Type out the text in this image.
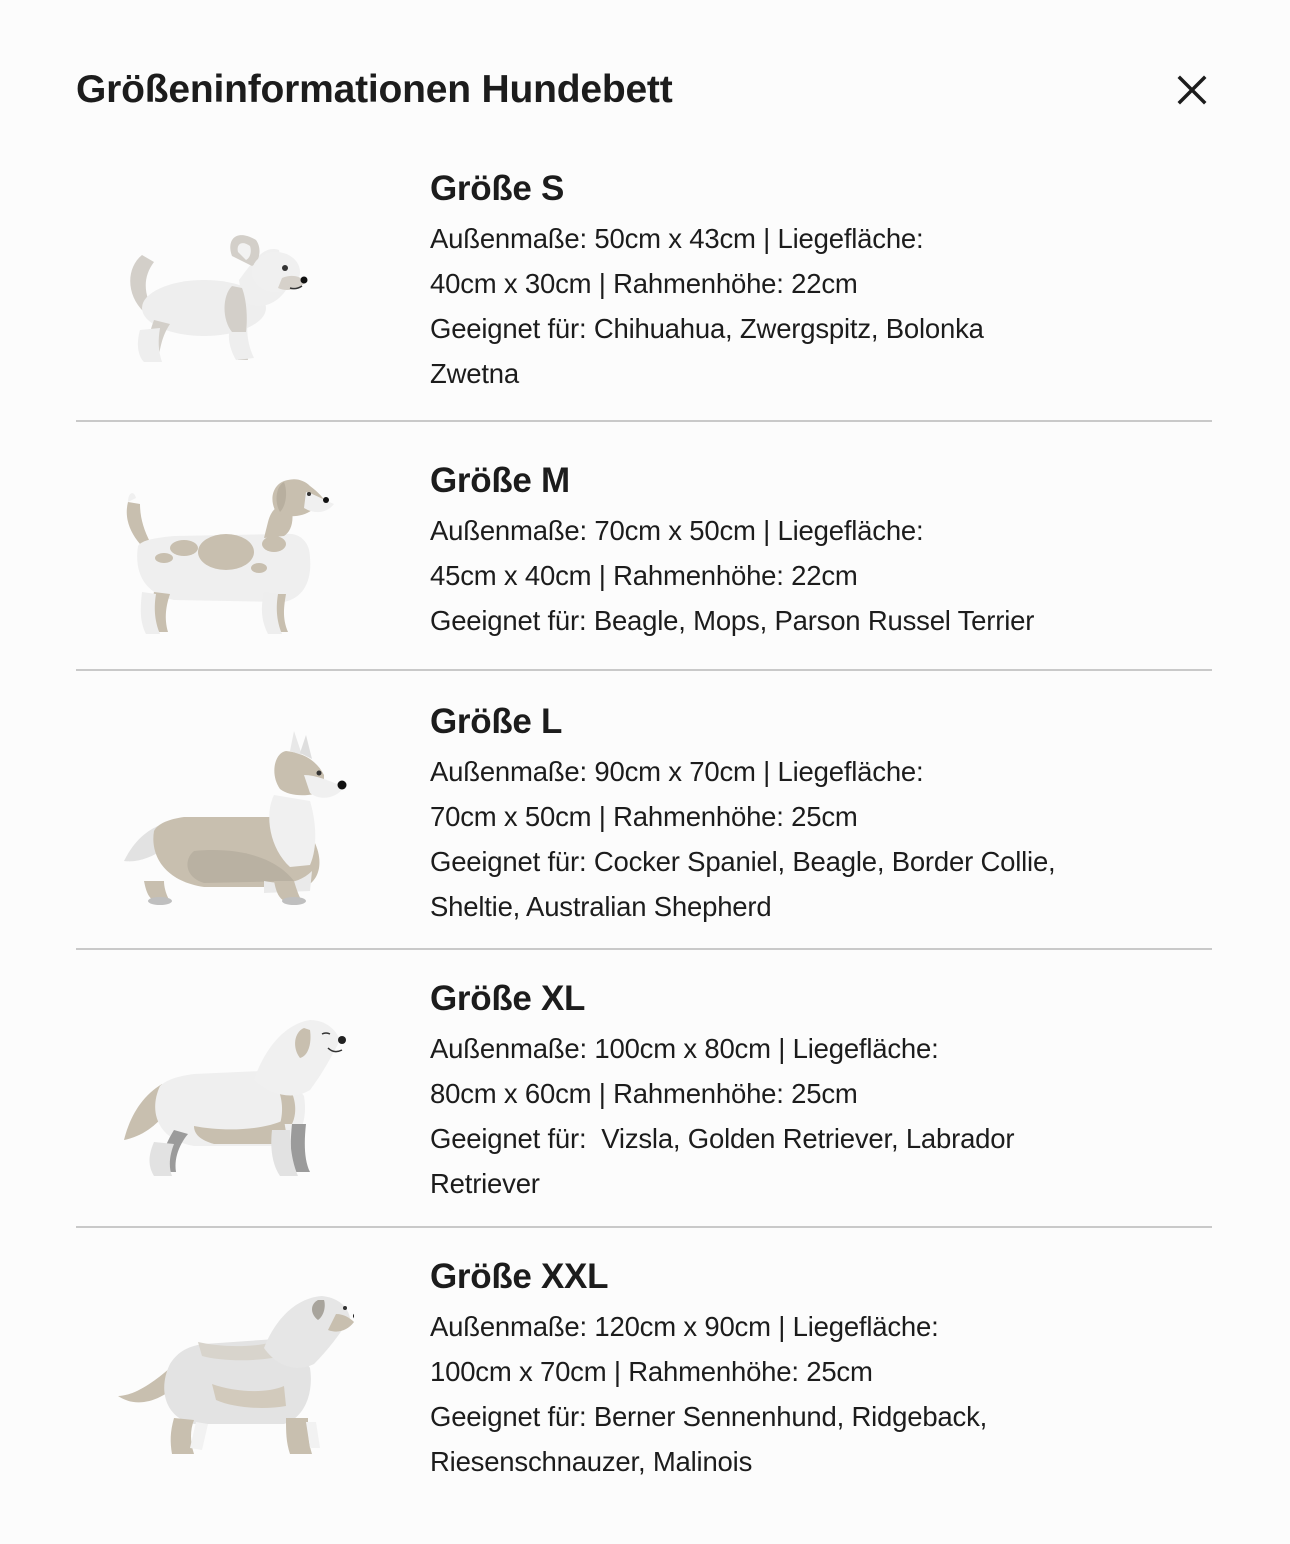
Größeninformationen Hundebett
Größe S

Außenmaße: 50cm x 43cm | Liegefläche:
40cm x 30cm | Rahmenhöhe: 22cm
Geeignet für: Chihuahua, Zwergspitz, Bolonka
Zwetna

Größe M

Außenmaße: 70cm x 50cm | Liegefläche:
45cm x 40cm | Rahmenhöhe: 22cm
Geeignet für: Beagle, Mops, Parson Russel Terrier

Größe L

Außenmaße: 90cm x 70cm | Liegefläche:
70cm x 50cm | Rahmenhöhe: 25cm
Geeignet für: Cocker Spaniel, Beagle, Border Collie,
Sheltie, Australian Shepherd

Größe XL

Außenmaße: 100cm x 80cm | Liegefläche:
80cm x 60cm | Rahmenhöhe: 25cm
Geeignet für:  Vizsla, Golden Retriever, Labrador
Retriever

Größe XXL

Außenmaße: 120cm x 90cm | Liegefläche:
100cm x 70cm | Rahmenhöhe: 25cm
Geeignet für: Berner Sennenhund, Ridgeback,
Riesenschnauzer, Malinois
